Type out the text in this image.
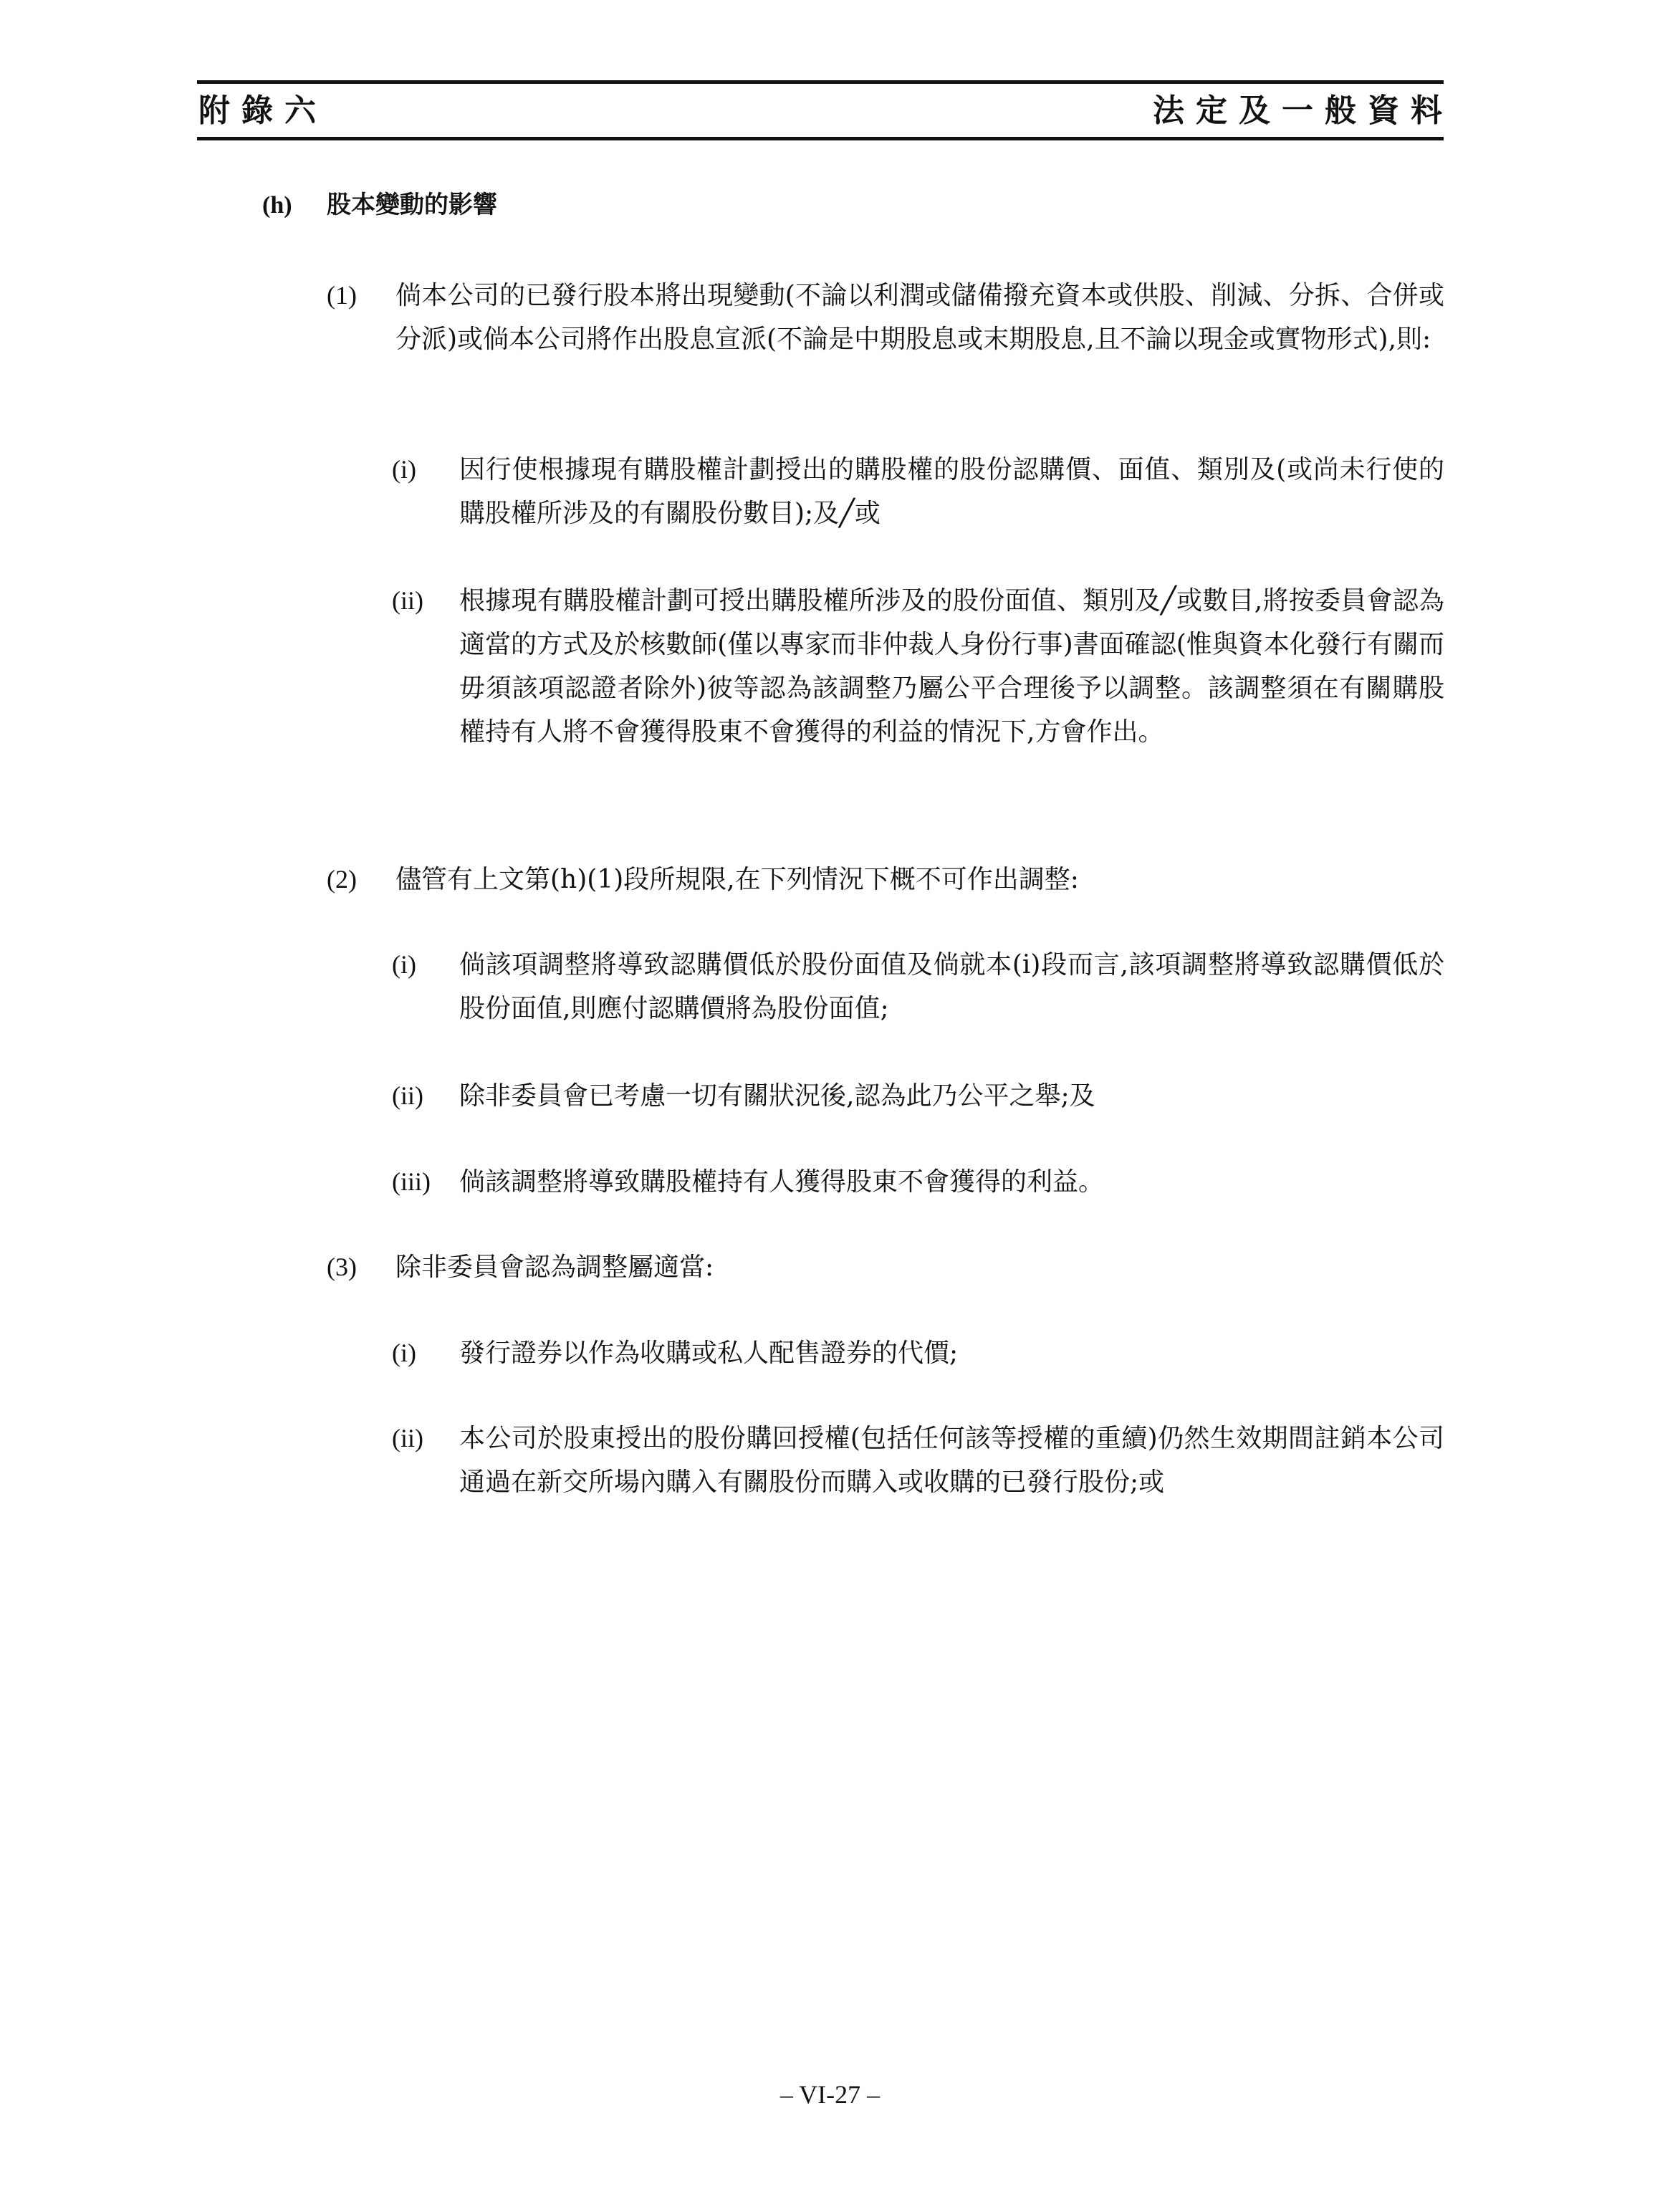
附錄六	法定及一般資料
(h) 股本變動的影響
(1) 倘本公司的已發行股本將出現變動(不論以利潤或儲備撥充資本或供股、削減、分拆、合併或分派)或倘本公司將作出股息宣派(不論是中期股息或末期股息,且不論以現金或實物形式),則:
(i) 因行使根據現有購股權計劃授出的購股權的股份認購價、面值、類別及(或尚未行使的購股權所涉及的有關股份數目);及╱或
(ii) 根據現有購股權計劃可授出購股權所涉及的股份面值、類別及╱或數目,將按委員會認為適當的方式及於核數師(僅以專家而非仲裁人身份行事)書面確認(惟與資本化發行有關而毋須該項認證者除外)彼等認為該調整乃屬公平合理後予以調整。該調整須在有關購股權持有人將不會獲得股東不會獲得的利益的情況下,方會作出。
(2) 儘管有上文第(h)(1)段所規限,在下列情況下概不可作出調整:
(i) 倘該項調整將導致認購價低於股份面值及倘就本(i)段而言,該項調整將導致認購價低於股份面值,則應付認購價將為股份面值;
(ii) 除非委員會已考慮一切有關狀況後,認為此乃公平之舉;及
(iii) 倘該調整將導致購股權持有人獲得股東不會獲得的利益。
(3) 除非委員會認為調整屬適當:
(i) 發行證券以作為收購或私人配售證券的代價;
(ii) 本公司於股東授出的股份購回授權(包括任何該等授權的重續)仍然生效期間註銷本公司通過在新交所場內購入有關股份而購入或收購的已發行股份;或
– VI-27 –
